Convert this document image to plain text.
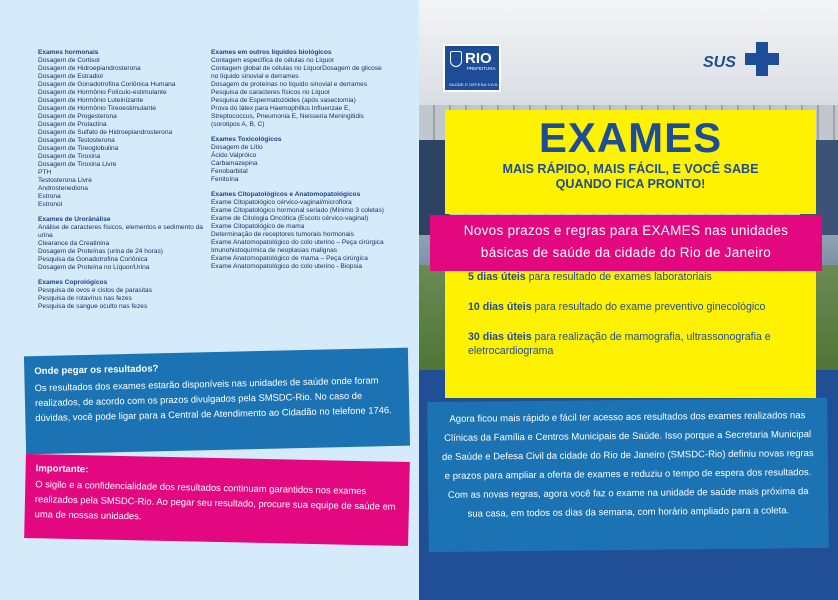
Exames hormonais
Dosagem de Cortisol
Dosagem de Hidroepiandrosterona
Dosagem de Estradiol
Dosagem de Gonadotrofina Coriônica Humana
Dosagem de Hormônio Folículo-estimulante
Dosagem de Hormônio Luteinizante
Dosagem de Hormônio Tireoestimulante
Dosagem de Progesterona
Dosagem de Prolactina
Dosagem de Sulfato de Hidroepiandrosterona
Dosagem de Testosterona
Dosagem de Tireoglobulina
Dosagem de Tiroxina
Dosagem de Tiroxina Livre
PTH
Testosterona Livre
Androstenediona
Estrona
Estronol
Exames de Urorânálise
Análise de caracteres físicos, elementos e sedimento da urina
Clearance da Creatinina
Dosagem de Proteínas (urina de 24 horas)
Pesquisa da Gonadotrofina Coriônica
Dosagem de Proteína no Líquor/Urina
Exames Coprológicos
Pesquisa de ovos e cistos de parasitas
Pesquisa de rotavírus nas fezes
Pesquisa de sangue oculto nas fezes
Exames em outros líquidos biológicos
Contagem específica de células no Líquor
Contagem global de células no LíquorDosagem de glicose no líquido sinovial e derrames
Dosagem de proteínas no líquido sinovial e derrames
Pesquisa de caracteres físicos no Líquor
Pesquisa de Espermatozóides (após vasectomia)
Prova do látex para Haemophillus Influenzae E, Streptococcus, Pneumonia E, Neisseria Meningitidis (sorotipos A, B, C)
Exames Toxicológicos
Dosagem de Lítio
Ácido Valpróico
Carbamazepina
Fenobarbital
Fenitoína
Exames Citopatológicos e Anatomopatológicos
Exame Citopatológico cérvico-vaginal/microflora
Exame Citopatológico hormonal seriado (Mínimo 3 coletas)
Exame de Citologia Oncótica (Escoto cérvico-vaginal)
Exame Citopatológico de mama
Determinação de receptores tumorais hormonais
Exame Anatomopatológico do colo uterino – Peça cirúrgica
Imunohistoquímica de neoplasias malignas
Exame Anatomopatológico de mama – Peça cirúrgica
Exame Anatomopatológico do colo uterino - Biopsia
Onde pegar os resultados?
Os resultados dos exames estarão disponíveis nas unidades de saúde onde foram realizados, de acordo com os prazos divulgados pela SMSDC-Rio. No caso de dúvidas, você pode ligar para a Central de Atendimento ao Cidadão no telefone 1746.
Importante:
O sigilo e a confidencialidade dos resultados continuam garantidos nos exames realizados pela SMSDC-Rio. Ao pegar seu resultado, procure sua equipe de saúde em uma de nossas unidades.
RIO
PREFEITURA
SAÚDE E DEFESA CIVIL
SUS
EXAMES
MAIS RÁPIDO, MAIS FÁCIL, E VOCÊ SABE
QUANDO FICA PRONTO!
5 dias úteis para resultado de exames laboratoriais
10 dias úteis para resultado do exame preventivo ginecológico
30 dias úteis para realização de mamografia, ultrassonografia e eletrocardiograma
Novos prazos e regras para EXAMES nas unidades
básicas de saúde da cidade do Rio de Janeiro
Agora ficou mais rápido e fácil ter acesso aos resultados dos exames realizados nas Clínicas da Família e Centros Municipais de Saúde. Isso porque a Secretaria Municipal de Saúde e Defesa Civil da cidade do Rio de Janeiro (SMSDC-Rio) definiu novas regras e prazos para ampliar a oferta de exames e reduziu o tempo de espera dos resultados. Com as novas regras, agora você faz o exame na unidade de saúde mais próxima da sua casa, em todos os dias da semana, com horário ampliado para a coleta.
